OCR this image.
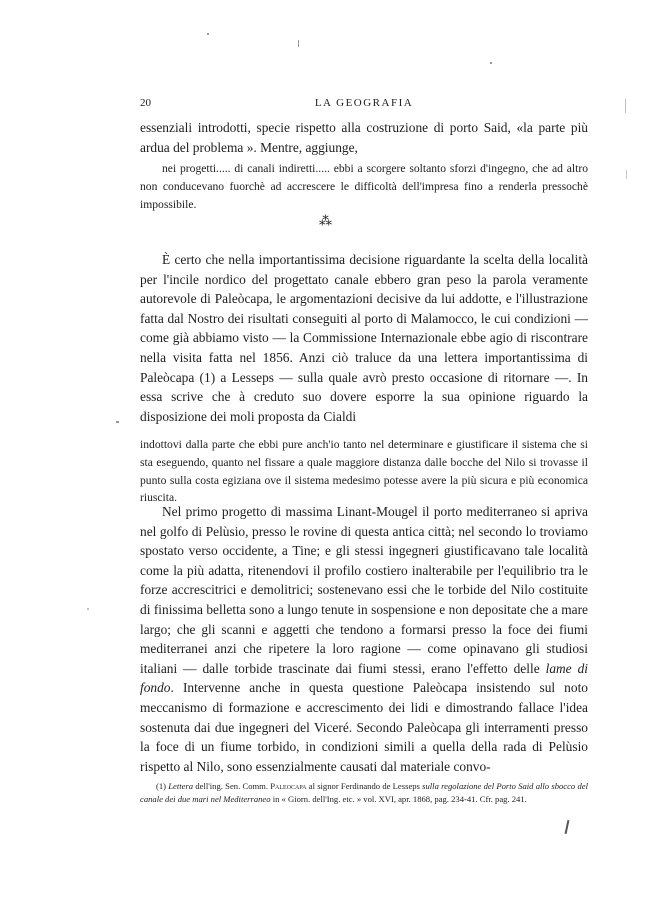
20	LA GEOGRAFIA

essenziali introdotti, specie rispetto alla costruzione di porto Said, «la parte più ardua del problema ». Mentre, aggiunge,

nei progetti..... di canali indiretti..... ebbi a scorgere soltanto sforzi d'ingegno, che ad altro non conducevano fuorchè ad accrescere le difficoltà dell'impresa fino a renderla pressochè impossibile.

⁂

È certo che nella importantissima decisione riguardante la scelta della località per l'incile nordico del progettato canale ebbero gran peso la parola veramente autorevole di Paleòcapa, le argomentazioni decisive da lui addotte, e l'illustrazione fatta dal Nostro dei risultati conseguiti al porto di Malamocco, le cui condizioni — come già abbiamo visto — la Commissione Internazionale ebbe agio di riscontrare nella visita fatta nel 1856. Anzi ciò traluce da una lettera importantissima di Paleòcapa (1) a Lesseps — sulla quale avrò presto occasione di ritornare —. In essa scrive che à creduto suo dovere esporre la sua opinione riguardo la disposizione dei moli proposta da Cialdi

indottovi dalla parte che ebbi pure anch'io tanto nel determinare e giustificare il sistema che si sta eseguendo, quanto nel fissare a quale maggiore distanza dalle bocche del Nilo si trovasse il punto sulla costa egiziana ove il sistema medesimo potesse avere la più sicura e più economica riuscita.

Nel primo progetto di massima Linant-Mougel il porto mediterraneo si apriva nel golfo di Pelùsio, presso le rovine di questa antica città; nel secondo lo troviamo spostato verso occidente, a Tine; e gli stessi ingegneri giustificavano tale località come la più adatta, ritenendovi il profilo costiero inalterabile per l'equilibrio tra le forze accrescitrici e demolitrici; sostenevano essi che le torbide del Nilo costituite di finissima belletta sono a lungo tenute in sospensione e non depositate che a mare largo; che gli scanni e aggetti che tendono a formarsi presso la foce dei fiumi mediterranei anzi che ripetere la loro ragione — come opinavano gli studiosi italiani — dalle torbide trascinate dai fiumi stessi, erano l'effetto delle lame di fondo. Intervenne anche in questa questione Paleòcapa insistendo sul noto meccanismo di formazione e accrescimento dei lidi e dimostrando fallace l'idea sostenuta dai due ingegneri del Viceré. Secondo Paleòcapa gli interramenti presso la foce di un fiume torbido, in condizioni simili a quella della rada di Pelùsio rispetto al Nilo, sono essenzialmente causati dal materiale convo-

(1) Lettera dell'ing. Sen. Comm. Paleocapa al signor Ferdinando de Lesseps sulla regolazione del Porto Said allo sbocco del canale dei due mari nel Mediterraneo in « Giorn. dell'Ing. etc. » vol. XVI, apr. 1868, pag. 234-41. Cfr. pag. 241.
